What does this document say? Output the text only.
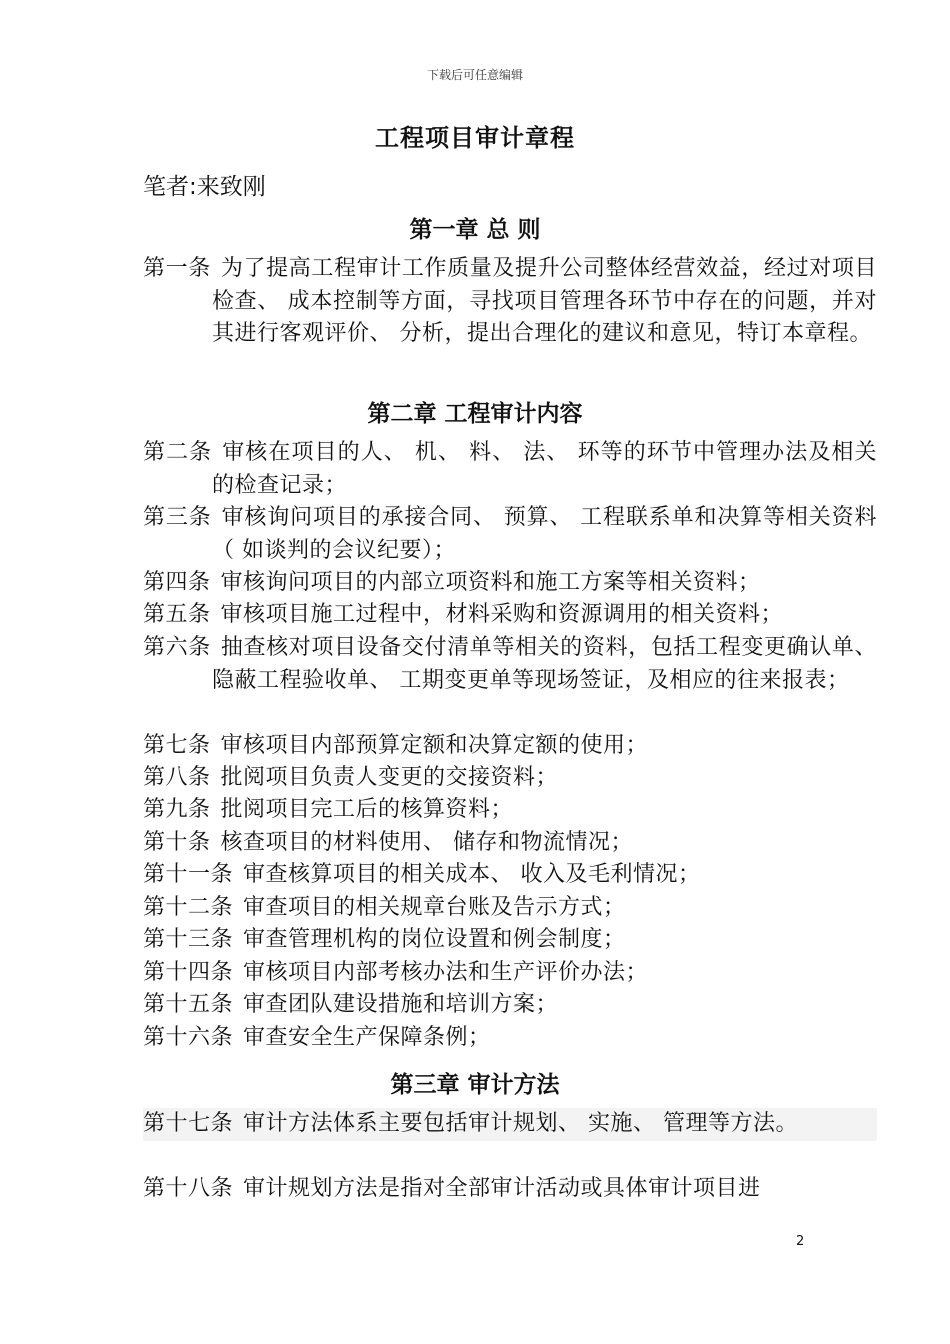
下载后可任意编辑
工程项目审计章程
笔者:来致刚
第一章 总 则
第一条 为了提高工程审计工作质量及提升公司整体经营效益，经过对项目检查、 成本控制等方面，寻找项目管理各环节中存在的问题，并对其进行客观评价、 分析，提出合理化的建议和意见，特订本章程。
第二章 工程审计内容
第二条 审核在项目的人、 机、 料、 法、 环等的环节中管理办法及相关的检查记录；
第三条 审核询问项目的承接合同、 预算、 工程联系单和决算等相关资料（ 如谈判的会议纪要）；
第四条 审核询问项目的内部立项资料和施工方案等相关资料；
第五条 审核项目施工过程中，材料采购和资源调用的相关资料；
第六条 抽查核对项目设备交付清单等相关的资料，包括工程变更确认单、 隐蔽工程验收单、 工期变更单等现场签证，及相应的往来报表；
第七条 审核项目内部预算定额和决算定额的使用；
第八条 批阅项目负责人变更的交接资料；
第九条 批阅项目完工后的核算资料；
第十条 核查项目的材料使用、 储存和物流情况；
第十一条 审查核算项目的相关成本、 收入及毛利情况；
第十二条 审查项目的相关规章台账及告示方式；
第十三条 审查管理机构的岗位设置和例会制度；
第十四条 审核项目内部考核办法和生产评价办法；
第十五条 审查团队建设措施和培训方案；
第十六条 审查安全生产保障条例；
第三章 审计方法
第十七条 审计方法体系主要包括审计规划、 实施、 管理等方法。
第十八条 审计规划方法是指对全部审计活动或具体审计项目进
2
